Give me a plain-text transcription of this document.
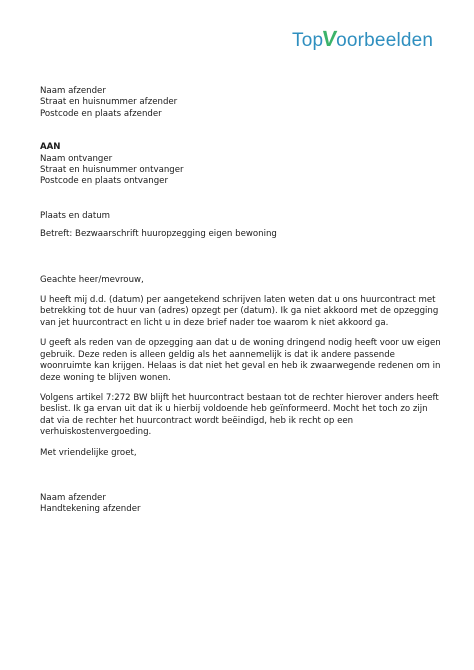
TopVoorbeelden
Naam afzender
Straat en huisnummer afzender
Postcode en plaats afzender
AAN
Naam ontvanger
Straat en huisnummer ontvanger
Postcode en plaats ontvanger
Plaats en datum
Betreft: Bezwaarschrift huuropzegging eigen bewoning
Geachte heer/mevrouw,
U heeft mij d.d. (datum) per aangetekend schrijven laten weten dat u ons huurcontract met
betrekking tot de huur van (adres) opzegt per (datum). Ik ga niet akkoord met de opzegging
van jet huurcontract en licht u in deze brief nader toe waarom k niet akkoord ga.
U geeft als reden van de opzegging aan dat u de woning dringend nodig heeft voor uw eigen
gebruik. Deze reden is alleen geldig als het aannemelijk is dat ik andere passende
woonruimte kan krijgen. Helaas is dat niet het geval en heb ik zwaarwegende redenen om in
deze woning te blijven wonen.
Volgens artikel 7:272 BW blijft het huurcontract bestaan tot de rechter hierover anders heeft
beslist. Ik ga ervan uit dat ik u hierbij voldoende heb geïnformeerd. Mocht het toch zo zijn
dat via de rechter het huurcontract wordt beëindigd, heb ik recht op een
verhuiskostenvergoeding.
Met vriendelijke groet,
Naam afzender
Handtekening afzender
